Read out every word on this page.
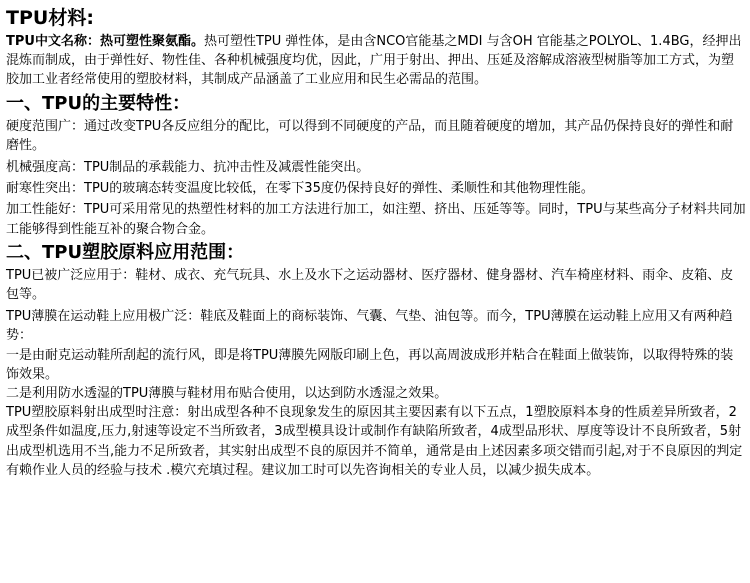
TPU材料:

TPU中文名称：热可塑性聚氨酯。热可塑性TPU 弹性体，是由含NCO官能基之MDI 与含OH 官能基之POLYOL、1.4BG，经押出混炼而制成，由于弹性好、物性佳、各种机械强度均优，因此，广用于射出、押出、压延及溶解成溶液型树脂等加工方式，为塑胶加工业者经常使用的塑胶材料，其制成产品涵盖了工业应用和民生必需品的范围。

一、TPU的主要特性：

硬度范围广：通过改变TPU各反应组分的配比，可以得到不同硬度的产品，而且随着硬度的增加，其产品仍保持良好的弹性和耐磨性。

机械强度高：TPU制品的承载能力、抗冲击性及减震性能突出。

耐寒性突出：TPU的玻璃态转变温度比较低，在零下35度仍保持良好的弹性、柔顺性和其他物理性能。

加工性能好：TPU可采用常见的热塑性材料的加工方法进行加工，如注塑、挤出、压延等等。同时，TPU与某些高分子材料共同加工能够得到性能互补的聚合物合金。

二、TPU塑胶原料应用范围：

TPU已被广泛应用于：鞋材、成衣、充气玩具、水上及水下之运动器材、医疗器材、健身器材、汽车椅座材料、雨伞、皮箱、皮包等。

TPU薄膜在运动鞋上应用极广泛：鞋底及鞋面上的商标装饰、气囊、气垫、油包等。而今，TPU薄膜在运动鞋上应用又有两种趋势：

一是由耐克运动鞋所刮起的流行风，即是将TPU薄膜先网版印刷上色，再以高周波成形并粘合在鞋面上做装饰，以取得特殊的装饰效果。

二是利用防水透湿的TPU薄膜与鞋材用布贴合使用，以达到防水透湿之效果。

TPU塑胶原料射出成型时注意：射出成型各种不良现象发生的原因其主要因素有以下五点，1塑胶原料本身的性质差异所致者，2成型条件如温度,压力,射速等设定不当所致者，3成型模具设计或制作有缺陷所致者，4成型品形状、厚度等设计不良所致者，5射出成型机选用不当,能力不足所致者，其实射出成型不良的原因并不简单，通常是由上述因素多项交错而引起,对于不良原因的判定有赖作业人员的经验与技术 .模穴充填过程。建议加工时可以先咨询相关的专业人员，以减少损失成本。
